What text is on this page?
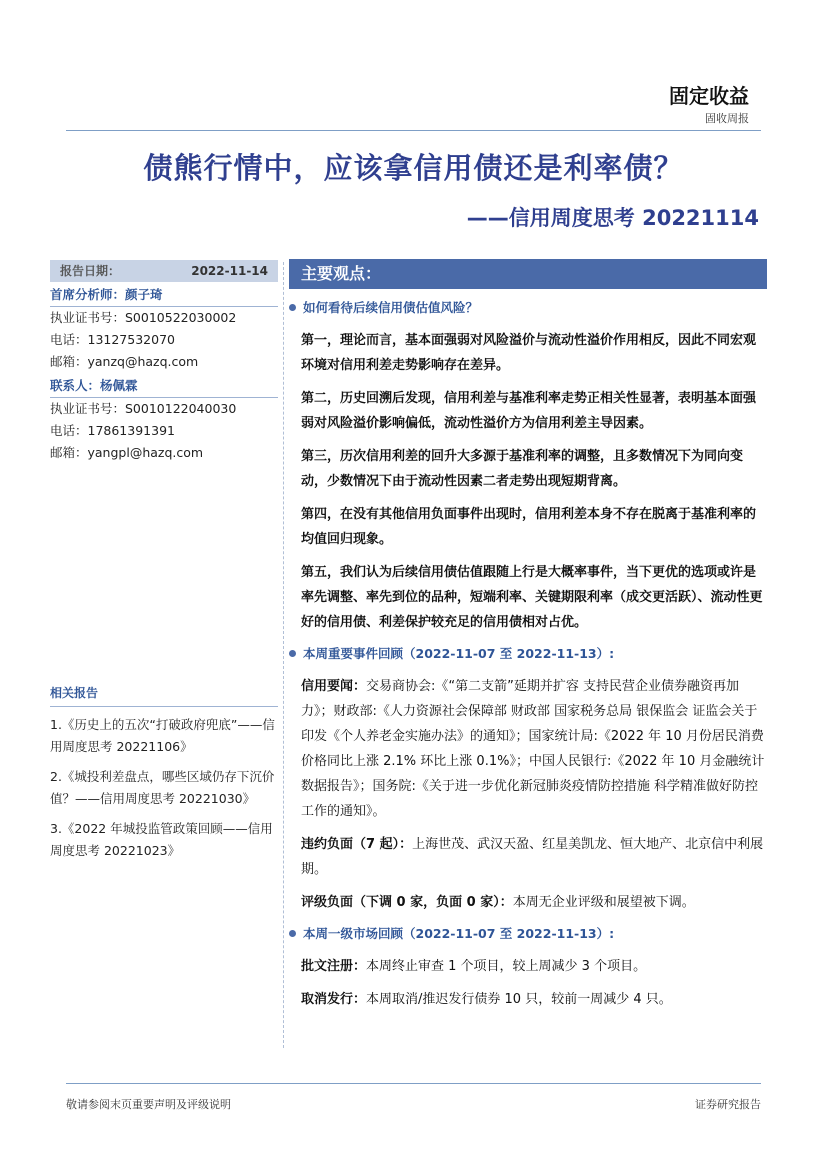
固定收益
固收周报
债熊行情中，应该拿信用债还是利率债？
——信用周度思考 20221114
报告日期：	2022-11-14
首席分析师：颜子琦
执业证书号：S0010522030002
电话：13127532070
邮箱：yanzq@hazq.com
联系人：杨佩霖
执业证书号：S0010122040030
电话：17861391391
邮箱：yangpl@hazq.com
相关报告
1.《历史上的五次“打破政府兜底”——信用周度思考 20221106》
2.《城投利差盘点，哪些区域仍存下沉价值？——信用周度思考 20221030》
3.《2022 年城投监管政策回顾——信用周度思考 20221023》
主要观点：
如何看待后续信用债估值风险？
第一，理论而言，基本面强弱对风险溢价与流动性溢价作用相反，因此不同宏观环境对信用利差走势影响存在差异。
第二，历史回溯后发现，信用利差与基准利率走势正相关性显著，表明基本面强弱对风险溢价影响偏低，流动性溢价方为信用利差主导因素。
第三，历次信用利差的回升大多源于基准利率的调整，且多数情况下为同向变动，少数情况下由于流动性因素二者走势出现短期背离。
第四，在没有其他信用负面事件出现时，信用利差本身不存在脱离于基准利率的均值回归现象。
第五，我们认为后续信用债估值跟随上行是大概率事件，当下更优的选项或许是率先调整、率先到位的品种，短端利率、关键期限利率（成交更活跃）、流动性更好的信用债、利差保护较充足的信用债相对占优。
本周重要事件回顾（2022-11-07 至 2022-11-13）:
信用要闻：交易商协会:《“第二支箭”延期并扩容 支持民营企业债券融资再加力》；财政部:《人力资源社会保障部 财政部 国家税务总局 银保监会 证监会关于印发《个人养老金实施办法》的通知》；国家统计局:《2022 年 10 月份居民消费价格同比上涨 2.1% 环比上涨 0.1%》；中国人民银行:《2022 年 10 月金融统计数据报告》；国务院:《关于进一步优化新冠肺炎疫情防控措施 科学精准做好防控工作的通知》。
违约负面（7 起）：上海世茂、武汉天盈、红星美凯龙、恒大地产、北京信中利展期。
评级负面（下调 0 家，负面 0 家）：本周无企业评级和展望被下调。
本周一级市场回顾（2022-11-07 至 2022-11-13）:
批文注册：本周终止审查 1 个项目，较上周减少 3 个项目。
取消发行：本周取消/推迟发行债券 10 只，较前一周减少 4 只。
敬请参阅末页重要声明及评级说明	证券研究报告
